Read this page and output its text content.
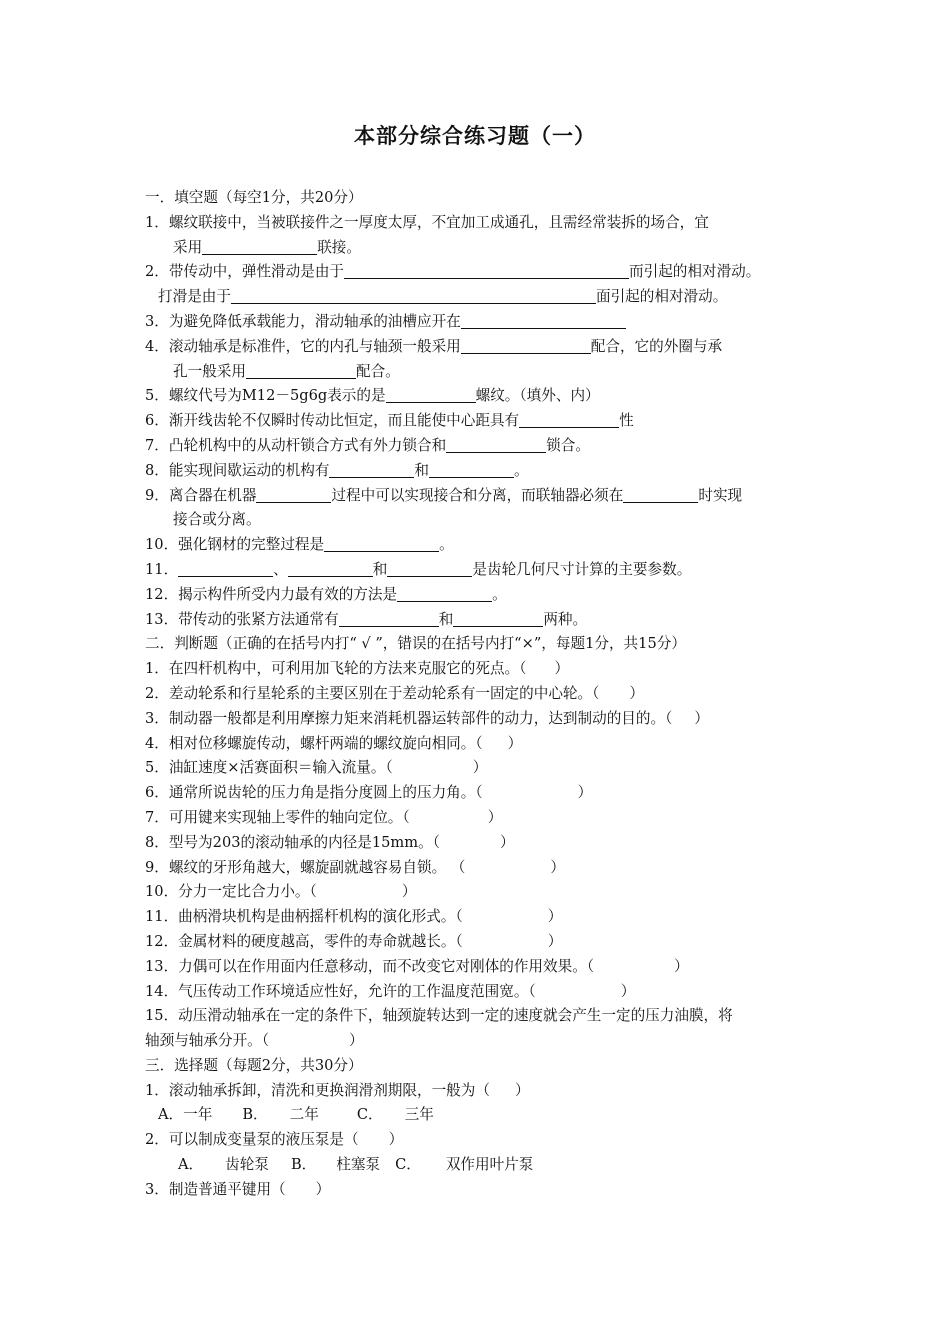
本部分综合练习题（一）
一．填空题（每空1分，共20分）
1．螺纹联接中，当被联接件之一厚度太厚，不宜加工成通孔，且需经常装拆的场合，宜
采用	联接。
2．带传动中，弹性滑动是由于	而引起的相对滑动。
打滑是由于	面引起的相对滑动。
3．为避免降低承载能力，滑动轴承的油槽应开在
4．滚动轴承是标准件，它的内孔与轴颈一般采用	配合，它的外圈与承
孔一般采用	配合。
5．螺纹代号为M12－5g6g表示的是	螺纹。（填外、内）
6．渐开线齿轮不仅瞬时传动比恒定，而且能使中心距具有	性
7．凸轮机构中的从动杆锁合方式有外力锁合和	锁合。
8．能实现间歇运动的机构有	和	。
9．离合器在机器	过程中可以实现接合和分离，而联轴器必须在	时实现
接合或分离。
10．强化钢材的完整过程是	。
11．	、	和	是齿轮几何尺寸计算的主要参数。
12．揭示构件所受内力最有效的方法是	。
13．带传动的张紧方法通常有	和	两种。
二．判断题（正确的在括号内打“ √ ”，错误的在括号内打“×”，每题1分，共15分）
1．在四杆机构中，可利用加飞轮的方法来克服它的死点。（ ）
2．差动轮系和行星轮系的主要区别在于差动轮系有一固定的中心轮。（ ）
3．制动器一般都是利用摩擦力矩来消耗机器运转部件的动力，达到制动的目的。（ ）
4．相对位移螺旋传动，螺杆两端的螺纹旋向相同。（ ）
5．油缸速度×活赛面积＝输入流量。（	）
6．通常所说齿轮的压力角是指分度圆上的压力角。（	）
7．可用键来实现轴上零件的轴向定位。（	）
8．型号为203的滚动轴承的内径是15mm。（	）
9．螺纹的牙形角越大，螺旋副就越容易自锁。 （	）
10．分力一定比合力小。（	）
11．曲柄滑块机构是曲柄摇杆机构的演化形式。（	）
12．金属材料的硬度越高，零件的寿命就越长。（	）
13．力偶可以在作用面内任意移动，而不改变它对刚体的作用效果。（	）
14．气压传动工作环境适应性好，允许的工作温度范围宽。（	）
15．动压滑动轴承在一定的条件下，轴颈旋转达到一定的速度就会产生一定的压力油膜，将
轴颈与轴承分开。（	）
三．选择题（每题2分，共30分）
1．滚动轴承拆卸，清洗和更换润滑剂期限，一般为（ ）
A．一年 B． 二年	C． 三年
2．可以制成变量泵的液压泵是（ ）
A． 齿轮泵 B． 柱塞泵 C． 双作用叶片泵
3．制造普通平键用（ ）
